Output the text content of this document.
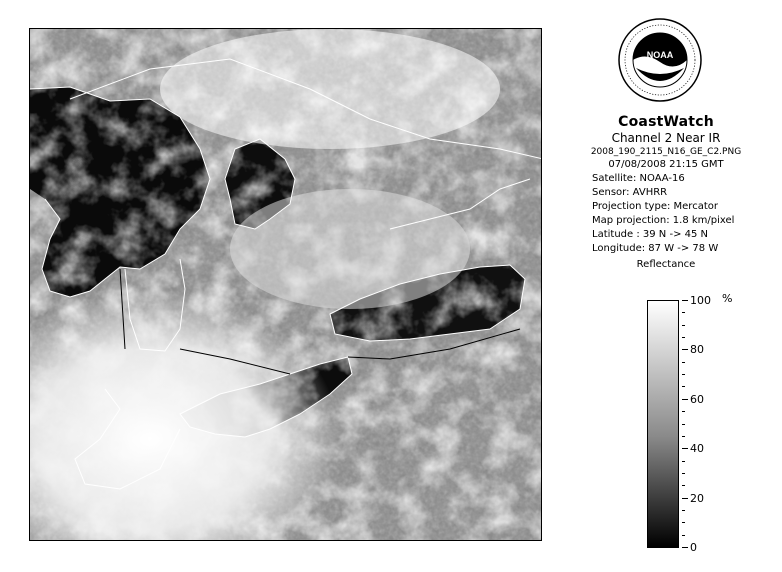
NOAA
CoastWatch
Channel 2 Near IR
2008_190_2115_N16_GE_C2.PNG
07/08/2008 21:15 GMT
Satellite: NOAA-16
Sensor: AVHRR
Projection type: Mercator
Map projection: 1.8 km/pixel
Latitude : 39 N -> 45 N
Longitude: 87 W -> 78 W
Reflectance
%
100
80
60
40
20
0
